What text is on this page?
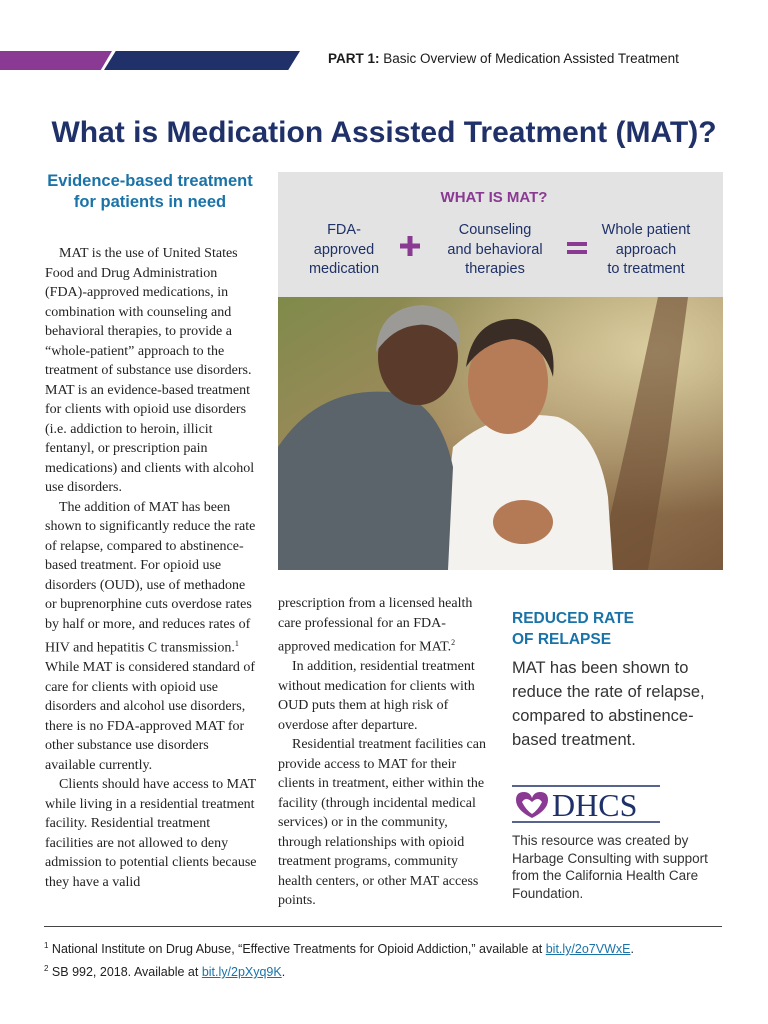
PART 1: Basic Overview of Medication Assisted Treatment
What is Medication Assisted Treatment (MAT)?
Evidence-based treatment for patients in need

MAT is the use of United States Food and Drug Administration (FDA)-approved medications, in combination with counseling and behavioral therapies, to provide a “whole-patient” approach to the treatment of substance use disorders. MAT is an evidence-based treatment for clients with opioid use disorders (i.e. addiction to heroin, illicit fentanyl, or prescription pain medications) and clients with alcohol use disorders.

The addition of MAT has been shown to significantly reduce the rate of relapse, compared to abstinence-based treatment. For opioid use disorders (OUD), use of methadone or buprenorphine cuts overdose rates by half or more, and reduces rates of HIV and hepatitis C transmission.$^1$ While MAT is considered standard of care for clients with opioid use disorders and alcohol use disorders, there is no FDA-approved MAT for other substance use disorders available currently.

Clients should have access to MAT while living in a residential treatment facility. Residential treatment facilities are not allowed to deny admission to potential clients because they have a valid

WHAT IS MAT?
FDA-
approved
medication
Counseling
and behavioral
therapies
Whole patient
approach
to treatment

prescription from a licensed health care professional for an FDA-approved medication for MAT.$^2$

In addition, residential treatment without medication for clients with OUD puts them at high risk of overdose after departure.

Residential treatment facilities can provide access to MAT for their clients in treatment, either within the facility (through incidental medical services) or in the community, through relationships with opioid treatment programs, community health centers, or other MAT access points.

REDUCED RATE
OF RELAPSE
MAT has been shown to reduce the rate of relapse, compared to abstinence-based treatment.
DHCS
This resource was created by Harbage Consulting with support from the California Health Care Foundation.
$^1$ National Institute on Drug Abuse, “Effective Treatments for Opioid Addiction,” available at bit.ly/2o7VWxE.
$^2$ SB 992, 2018. Available at bit.ly/2pXyq9K.
